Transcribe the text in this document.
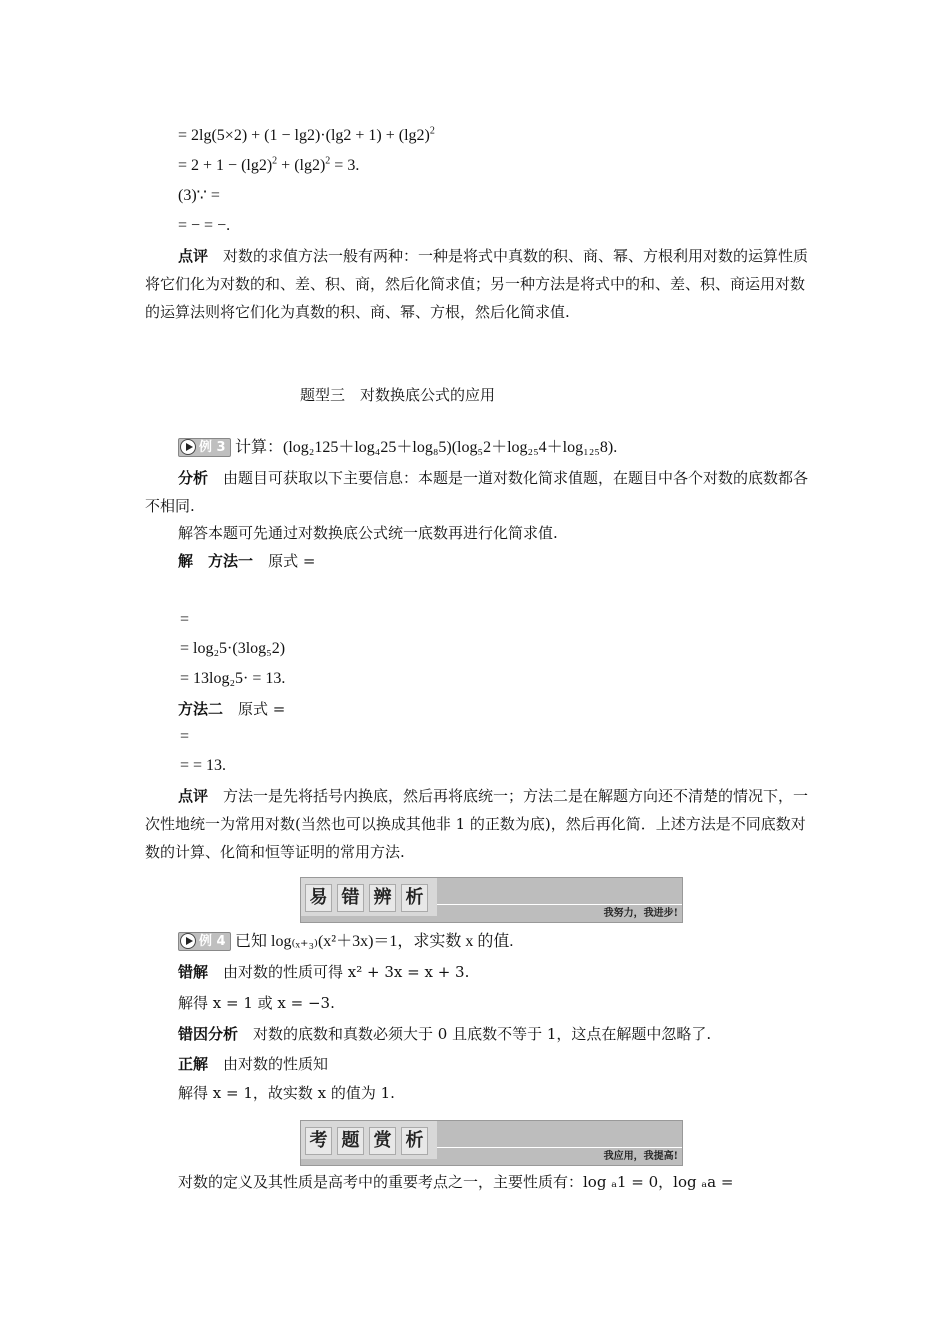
= $2\lg(5\times 2) + (1 - \lg 2)\cdot(\lg 2 + 1) + (\lg 2)^2$
= $2 + 1 - (\lg 2)^2 + (\lg 2)^2 = 3$.
(3)∵ =
= − = −.
点评　 对数的求值方法一般有两种：一种是将式中真数的积、商、幂、方根利用对数的运算性质将它们化为对数的和、差、积、商，然后化简求值；另一种方法是将式中的和、差、积、商运用对数的运算法则将它们化为真数的积、商、幂、方根，然后化简求值.
题型三　对数换底公式的应用
例 3 计算：(log₂125＋log₄25＋log₈5)(log₅2＋log₂₅4＋log₁₂₅8).
分析　 由题目可获取以下主要信息：本题是一道对数化简求值题，在题目中各个对数的底数都各不相同.
解答本题可先通过对数换底公式统一底数再进行化简求值.
解　 方法一　 原式 =
=
= log₂5·(3log₅2)
= 13log₂5· = 13.
方法二　 原式 =
=
= = 13.
点评　 方法一是先将括号内换底，然后再将底统一；方法二是在解题方向还不清楚的情况下，一次性地统一为常用对数(当然也可以换成其他非 1 的正数为底)，然后再化简．上述方法是不同底数对数的计算、化简和恒等证明的常用方法.
易 错 辨 析
我努力，我进步!
例 4 已知 log₍ₓ₊₃₎(x²＋3x)＝1，求实数 x 的值.
错解　 由对数的性质可得 x² + 3x = x + 3.
解得 x = 1 或 x = −3.
错因分析　 对数的底数和真数必须大于 0 且底数不等于 1，这点在解题中忽略了.
正解　 由对数的性质知
解得 x = 1，故实数 x 的值为 1.
考 题 赏 析
我应用，我提高!
对数的定义及其性质是高考中的重要考点之一，主要性质有：log ₐ1 = 0，log ₐa =
